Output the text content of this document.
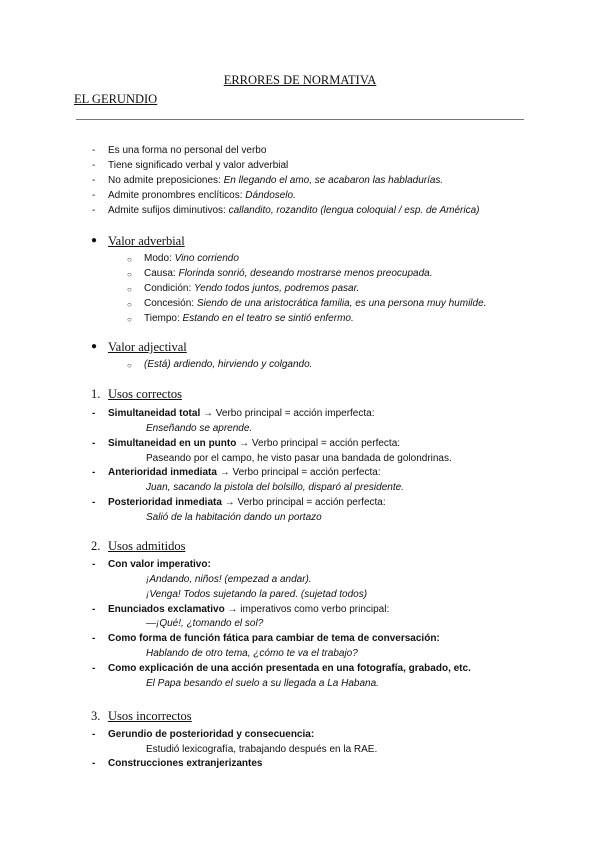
ERRORES DE NORMATIVA
EL GERUNDIO
- Es una forma no personal del verbo
- Tiene significado verbal y valor adverbial
- No admite preposiciones: En llegando el amo, se acabaron las habladurías.
- Admite pronombres enclíticos: Dándoselo.
- Admite sufijos diminutivos: callandito, rozandito (lengua coloquial / esp. de América)
● Valor adverbial
○ Modo: Vino corriendo
○ Causa: Florinda sonrió, deseando mostrarse menos preocupada.
○ Condición: Yendo todos juntos, podremos pasar.
○ Concesión: Siendo de una aristocrática familia, es una persona muy humilde.
○ Tiempo: Estando en el teatro se sintió enfermo.
● Valor adjectival
○ (Está) ardiendo, hirviendo y colgando.
1. Usos correctos
- Simultaneidad total → Verbo principal = acción imperfecta:
Enseñando se aprende.
- Simultaneidad en un punto → Verbo principal = acción perfecta:
Paseando por el campo, he visto pasar una bandada de golondrinas.
- Anterioridad inmediata → Verbo principal = acción perfecta:
Juan, sacando la pistola del bolsillo, disparó al presidente.
- Posterioridad inmediata → Verbo principal = acción perfecta:
Salió de la habitación dando un portazo
2. Usos admitidos
- Con valor imperativo:
¡Andando, niños! (empezad a andar).
¡Venga! Todos sujetando la pared. (sujetad todos)
- Enunciados exclamativo → imperativos como verbo principal:
—¡Qué!, ¿tomando el sol?
- Como forma de función fática para cambiar de tema de conversación:
Hablando de otro tema, ¿cómo te va el trabajo?
- Como explicación de una acción presentada en una fotografía, grabado, etc.
El Papa besando el suelo a su llegada a La Habana.
3. Usos incorrectos
- Gerundio de posterioridad y consecuencia:
Estudió lexicografía, trabajando después en la RAE.
- Construcciones extranjerizantes
